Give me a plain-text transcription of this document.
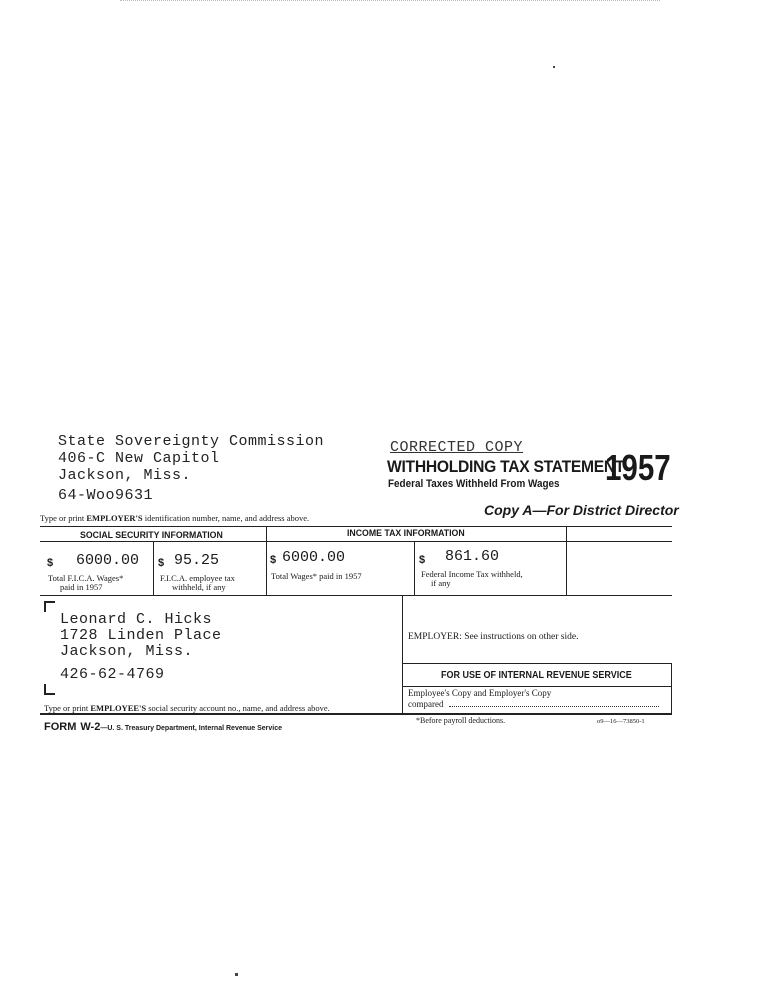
State Sovereignty Commission
406-C New Capitol
Jackson, Miss.
64-Woo9631
CORRECTED COPY
WITHHOLDING TAX STATEMENT
Federal Taxes Withheld From Wages 1957
Copy A—For District Director
Type or print EMPLOYER'S identification number, name, and address above.
SOCIAL SECURITY INFORMATION	INCOME TAX INFORMATION
$ 6000.00
Total F.I.C.A. Wages*
paid in 1957
$ 95.25
F.I.C.A. employee tax
withheld, if any
$ 6000.00
Total Wages* paid in 1957
$ 861.60
Federal Income Tax withheld,
if any
Leonard C. Hicks
1728 Linden Place
Jackson, Miss.
426-62-4769
Type or print EMPLOYEE'S social security account no., name, and address above.
EMPLOYER: See instructions on other side.
FOR USE OF INTERNAL REVENUE SERVICE
Employee's Copy and Employer's Copy
compared
FORM W-2—U. S. Treasury Department, Internal Revenue Service
*Before payroll deductions.	o9—16—73850-1
